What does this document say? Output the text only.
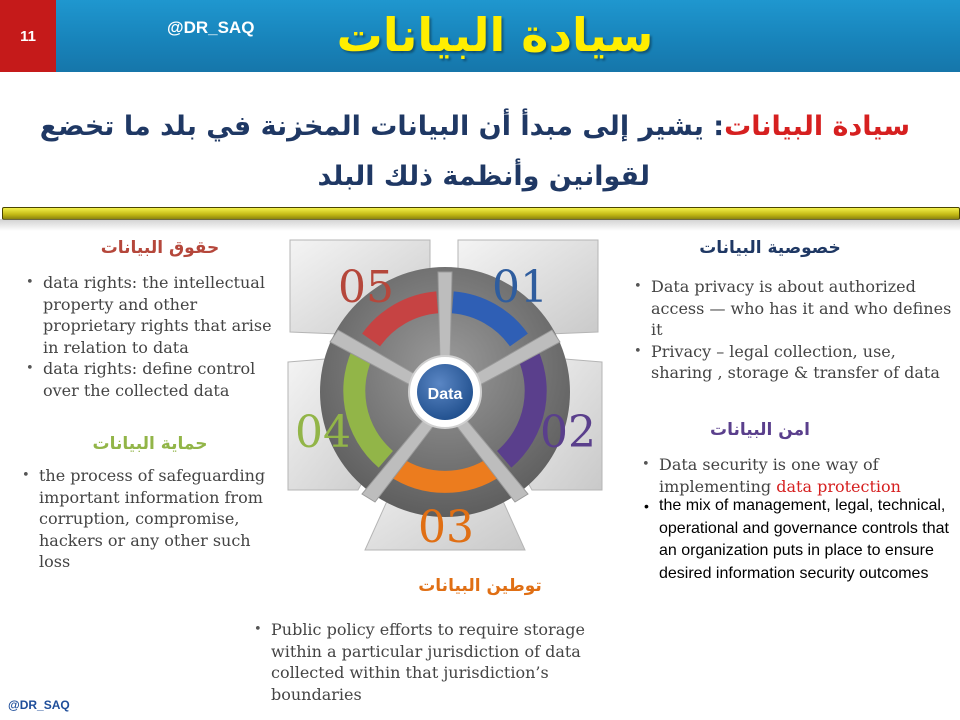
11	@DR_SAQ	سيادة البيانات
سيادة البيانات: يشير إلى مبدأ أن البيانات المخزنة في بلد ما تخضع
لقوانين وأنظمة ذلك البلد
حقوق البيانات
• data rights: the intellectual property and other proprietary rights that arise in relation to data
• data rights: define control over the collected data
خصوصية البيانات
• Data privacy is about authorized access — who has it and who defines it
• Privacy – legal collection, use, sharing , storage & transfer of data
حماية البيانات
• the process of safeguarding important information from corruption, compromise, hackers or any other such loss
امن البيانات
• Data security is one way of implementing data protection
• the mix of management, legal, technical, operational and governance controls that an organization puts in place to ensure desired information security outcomes
توطين البيانات
• Public policy efforts to require storage within a particular jurisdiction of data collected within that jurisdiction’s boundaries
Data
05 01
04	02
03
@DR_SAQ
